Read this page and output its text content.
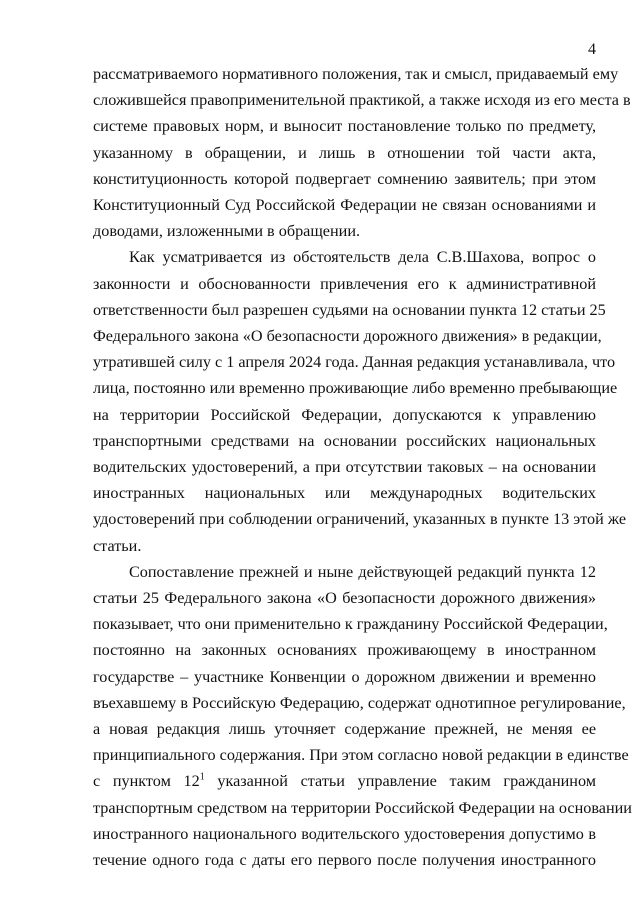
4
рассматриваемого нормативного положения, так и смысл, придаваемый ему
сложившейся правоприменительной практикой, а также исходя из его места в
системе правовых норм, и выносит постановление только по предмету,
указанному в обращении, и лишь в отношении той части акта,
конституционность которой подвергает сомнению заявитель; при этом
Конституционный Суд Российской Федерации не связан основаниями и
доводами, изложенными в обращении.
Как усматривается из обстоятельств дела С.В.Шахова, вопрос о
законности и обоснованности привлечения его к административной
ответственности был разрешен судьями на основании пункта 12 статьи 25
Федерального закона «О безопасности дорожного движения» в редакции,
утратившей силу с 1 апреля 2024 года. Данная редакция устанавливала, что
лица, постоянно или временно проживающие либо временно пребывающие
на территории Российской Федерации, допускаются к управлению
транспортными средствами на основании российских национальных
водительских удостоверений, а при отсутствии таковых – на основании
иностранных национальных или международных водительских
удостоверений при соблюдении ограничений, указанных в пункте 13 этой же
статьи.
Сопоставление прежней и ныне действующей редакций пункта 12
статьи 25 Федерального закона «О безопасности дорожного движения»
показывает, что они применительно к гражданину Российской Федерации,
постоянно на законных основаниях проживающему в иностранном
государстве – участнике Конвенции о дорожном движении и временно
въехавшему в Российскую Федерацию, содержат однотипное регулирование,
а новая редакция лишь уточняет содержание прежней, не меняя ее
принципиального содержания. При этом согласно новой редакции в единстве
с пунктом $12^1$ указанной статьи управление таким гражданином
транспортным средством на территории Российской Федерации на основании
иностранного национального водительского удостоверения допустимо в
течение одного года с даты его первого после получения иностранного
